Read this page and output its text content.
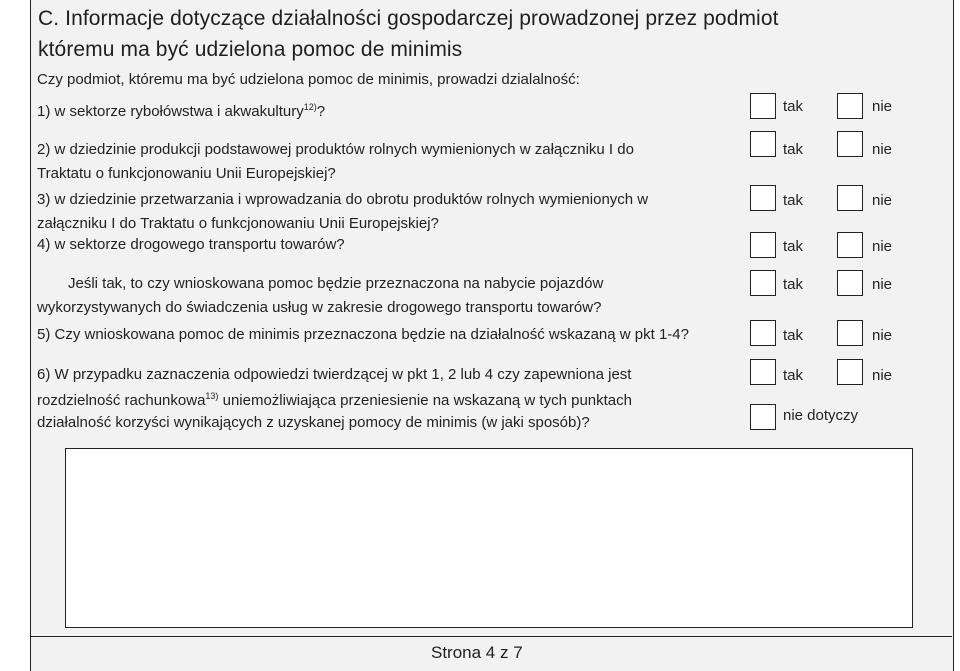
C. Informacje dotyczące działalności gospodarczej prowadzonej przez podmiot
któremu ma być udzielona pomoc de minimis
Czy podmiot, któremu ma być udzielona pomoc de minimis, prowadzi dzialalność:
1) w sektorze rybołówstwa i akwakultury$^{12)}$?	tak	nie
2) w dziedzinie produkcji podstawowej produktów rolnych wymienionych w załączniku I do
Traktatu o funkcjonowaniu Unii Europejskiej?
tak	nie
3) w dziedzinie przetwarzania i wprowadzania do obrotu produktów rolnych wymienionych w
załączniku I do Traktatu o funkcjonowaniu Unii Europejskiej?
tak	nie
4) w sektorze drogowego transportu towarów?	tak	nie
Jeśli tak, to czy wnioskowana pomoc będzie przeznaczona na nabycie pojazdów
wykorzystywanych do świadczenia usług w zakresie drogowego transportu towarów?
tak	nie
5) Czy wnioskowana pomoc de minimis przeznaczona będzie na działalność wskazaną w pkt 1-4?	tak	nie
6) W przypadku zaznaczenia odpowiedzi twierdzącej w pkt 1, 2 lub 4 czy zapewniona jest
rozdzielność rachunkowa$^{13)}$ uniemożliwiająca przeniesienie na wskazaną w tych punktach
działalność korzyści wynikających z uzyskanej pomocy de minimis (w jaki sposób)?
tak	nie
nie dotyczy
Strona 4 z 7
